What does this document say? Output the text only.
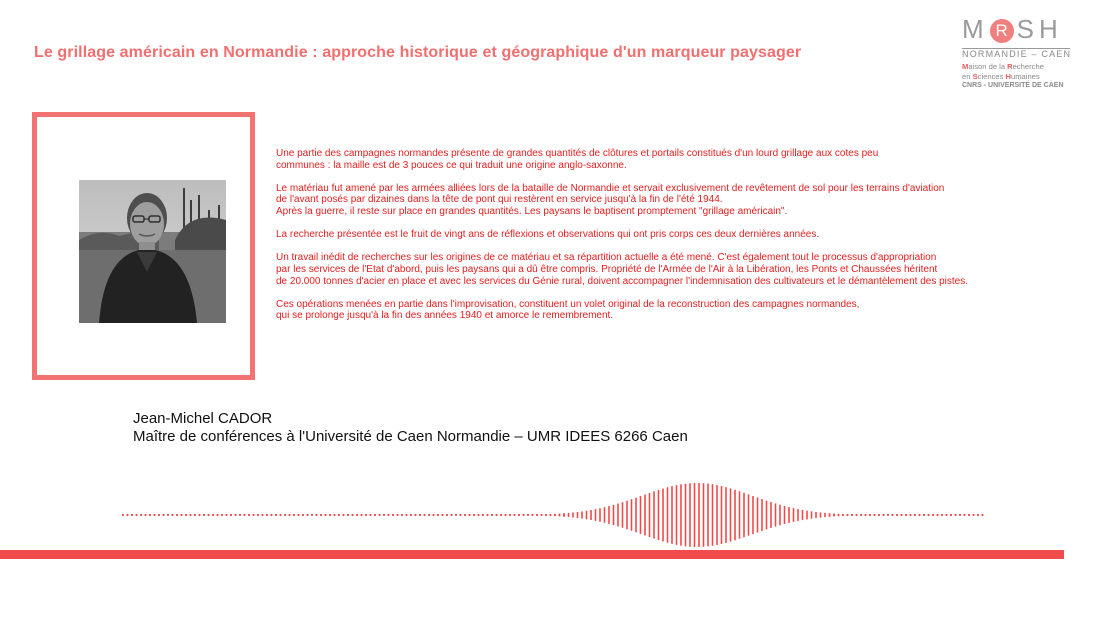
Le grillage américain en Normandie : approche historique et géographique d'un marqueur paysager
M R SH
NORMANDIE – CAEN
Maison de la Recherche
en Sciences Humaines
CNRS - UNIVERSITÉ DE CAEN

Une partie des campagnes normandes présente de grandes quantités de clôtures et portails constitués d'un lourd grillage aux cotes peu
communes : la maille est de 3 pouces ce qui traduit une origine anglo-saxonne.

Le matériau fut amené par les armées alliées lors de la bataille de Normandie et servait exclusivement de revêtement de sol pour les terrains d'aviation
de l'avant posés par dizaines dans la tête de pont qui restèrent en service jusqu'à la fin de l'été 1944.
Après la guerre, il reste sur place en grandes quantités. Les paysans le baptisent promptement "grillage américain".

La recherche présentée est le fruit de vingt ans de réflexions et observations qui ont pris corps ces deux dernières années.

Un travail inédit de recherches sur les origines de ce matériau et sa répartition actuelle a été mené. C'est également tout le processus d'appropriation
par les services de l'Etat d'abord, puis les paysans qui a dû être compris. Propriété de l'Armée de l'Air à la Libération, les Ponts et Chaussées héritent
de 20.000 tonnes d'acier en place et avec les services du Génie rural, doivent accompagner l'indemnisation des cultivateurs et le démantèlement des pistes.

Ces opérations menées en partie dans l'improvisation, constituent un volet original de la reconstruction des campagnes normandes,
qui se prolonge jusqu'à la fin des années 1940 et amorce le remembrement.

Jean-Michel CADOR
Maître de conférences à l'Université de Caen Normandie – UMR IDEES 6266 Caen
